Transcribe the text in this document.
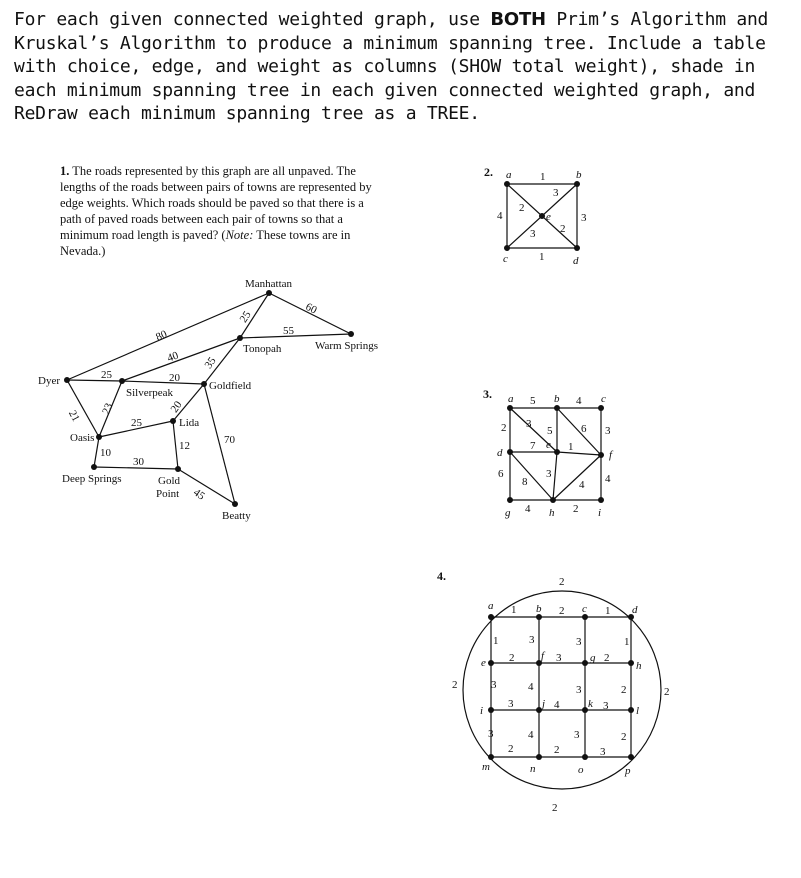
For each given connected weighted graph, use BOTH Prim’s Algorithm and Kruskal’s Algorithm to produce a minimum spanning tree. Include a table with choice, edge, and weight as columns (SHOW total weight), shade in each minimum spanning tree in each given connected weighted graph, and ReDraw each minimum spanning tree as a TREE.
1. The roads represented by this graph are all unpaved. The lengths of the roads between pairs of towns are represented by edge weights. Which roads should be paved so that there is a path of paved roads between each pair of towns so that a minimum road length is paved? (Note: These towns are in Nevada.)
Manhattan
Tonopah	Warm Springs
Dyer
Silverpeak
Goldfield
Lida
Oasis
Deep Springs	Gold
Point
Beatty
80
60
25
55
40 35
25	20
20
23
21	25
12	70
10
30
45
2. a	b
c	d
e
1
4
3
2
3
2
3
1
3. a	b	c
d
e
f
g	h	i
5	4
2 3
5	6 3
7	1
6
8
3
4 4
4	2
4.
a	b	c	d
e
f	g
h
i
j	k
l
m	n	o	p
2
2
2
2
1	2	1
1	3	3	1
2	3	2
3	4	3	2
3	4	3
3	4	3	2
2	2	3
